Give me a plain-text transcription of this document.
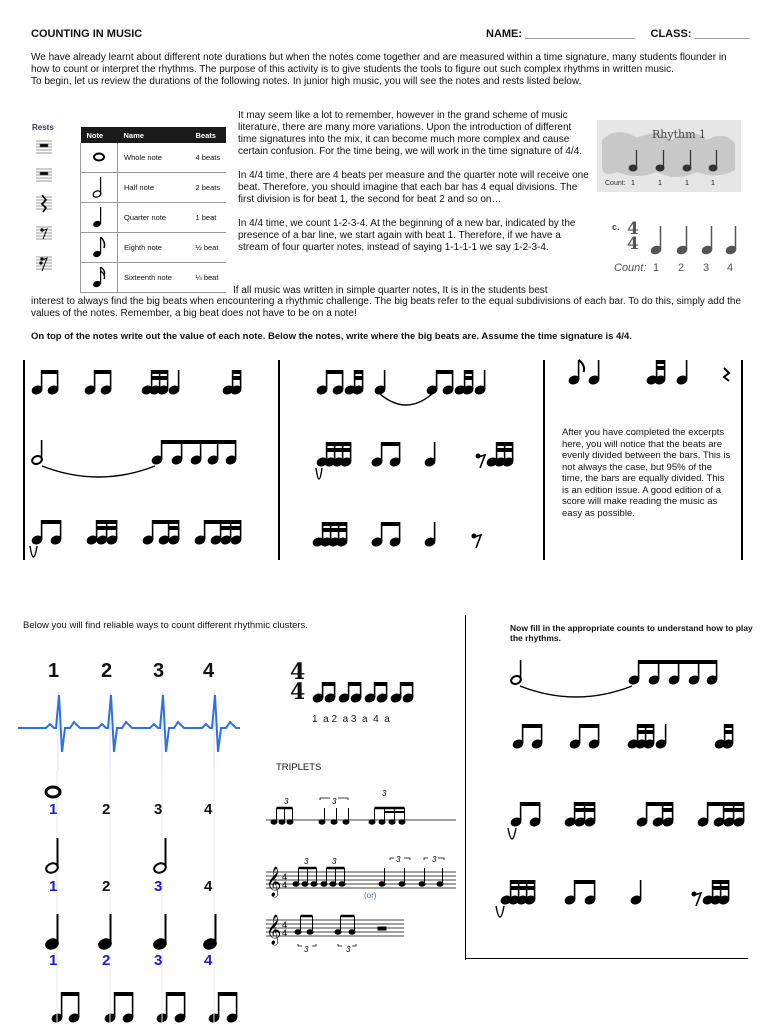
COUNTING IN MUSIC	NAME: __________________ CLASS: _________
We have already learnt about different note durations but when the notes come together and are measured within a time signature, many students flounder in how to count or interpret the rhythms. The purpose of this activity is to give students the tools to figure out such complex rhythms in written music.
To begin, let us review the durations of the following notes. In junior high music, you will see the notes and rests listed below.
Rests
Note	Name	Beats
	Whole note	4 beats
	Half note	2 beats
	Quarter note	1 beat
	Eighth note	½ beat
	Sixteenth note	¼ beat
It may seem like a lot to remember, however in the grand scheme of music literature, there are many more variations. Upon the introduction of different time signatures into the mix, it can become much more complex and cause certain confusion. For the time being, we will work in the time signature of 4/4.
In 4/4 time, there are 4 beats per measure and the quarter note will receive one beat. Therefore, you should imagine that each bar has 4 equal divisions. The first division is for beat 1, the second for beat 2 and so on…
In 4/4 time, we count 1-2-3-4. At the beginning of a new bar, indicated by the presence of a bar line, we start again with beat 1. Therefore, if we have a stream of four quarter notes, instead of saying 1-1-1-1 we say 1-2-3-4.
If all music was written in simple quarter notes, It is in the students best
interest to always find the big beats when encountering a rhythmic challenge. The big beats refer to the equal subdivisions of each bar. To do this, simply add the values of the notes. Remember, a big beat does not have to be on a note!
Rhythm 1
Count: 1	1	1	1
c. 4
4
Count: 1 2 3 4
On top of the notes write out the value of each note. Below the notes, write where the big beats are. Assume the time signature is 4/4.
After you have completed the excerpts here, you will notice that the beats are evenly divided between the bars. This is not always the case, but 95% of the time, the bars are equally divided. This is an edition issue. A good edition of a score will make reading the music as easy as possible.
Below you will find reliable ways to count different rhythmic clusters.	Now fill in the appropriate counts to understand how to play the rhythms.
1 2 3 4
1	2	3	4
1	2	3	4
1	2	3	4
4
4
1  a 2  a 3  a  4  a
TRIPLETS
𝄞 4
4
𝄞 4
4
3	3
3
3	3	3	3
3	3
(or)
